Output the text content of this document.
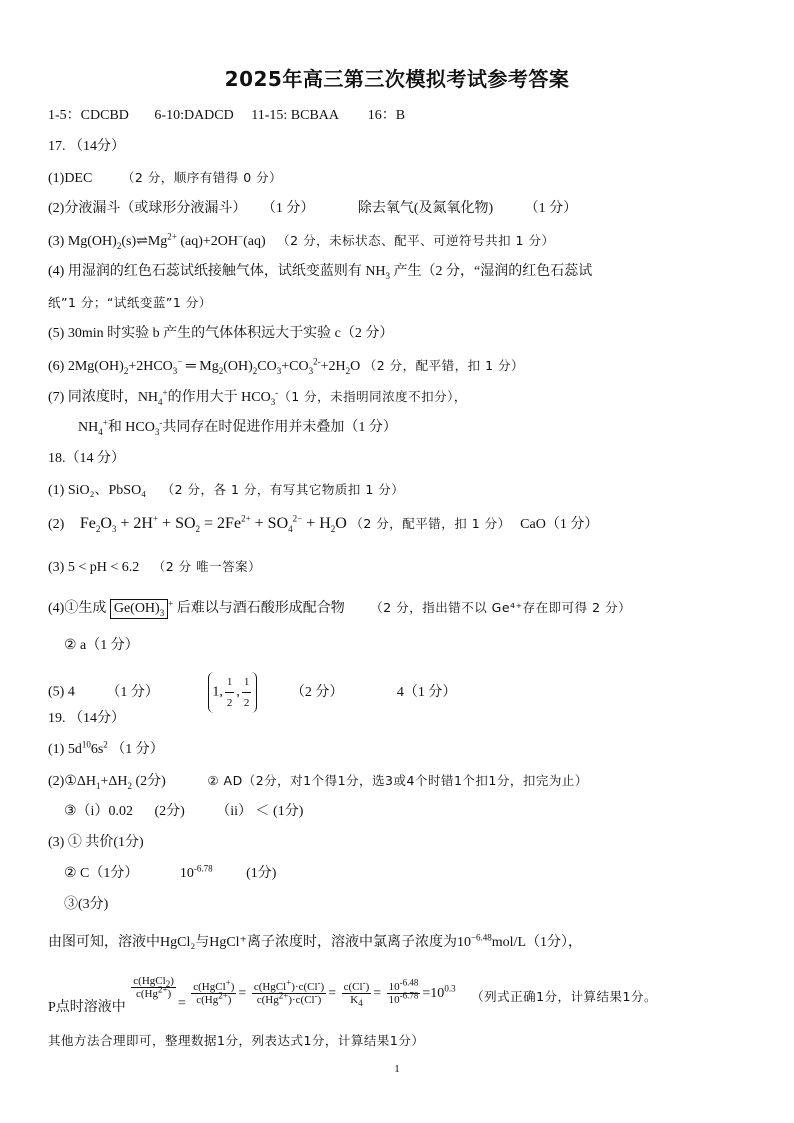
2025年高三第三次模拟考试参考答案
1-5：CDCBD 6-10:DADCD 11-15: BCBAA 16：B
17. （14分）
(1)DEC （2 分，顺序有错得 0 分）
(2)分液漏斗（或球形分液漏斗） （1 分）	除去氧气(及氮氧化物) （1 分）
(3) $Mg(OH)_2(s)\rightleftharpoons Mg^{2+}$ (aq)+2OH−(aq) （2 分，未标状态、配平、可逆符号共扣 1 分）
(4) 用湿润的红色石蕊试纸接触气体，试纸变蓝则有 $NH_3$ 产生（2 分，“湿润的红色石蕊试
纸”1 分；“试纸变蓝”1 分）
(5) 30min 时实验 b 产生的气体体积远大于实验 c（2 分）
(6) $2Mg(OH)_2+2HCO_3^-$ ═ $Mg_2(OH)_2CO_3+CO_3^{2-}+2H_2O$ （2 分，配平错，扣 1 分）
(7) 同浓度时，$NH_4^+$的作用大于 $HCO_3^-(1$ 分，未指明同浓度不扣分），
$NH_4^+$和 $HCO_3^-$共同存在时促进作用并未叠加（1 分）
18.（14 分）
(1) SiO₂、PbSO₄ （2 分，各 1 分，有写其它物质扣 1 分）
(2) $Fe_2O_3 + 2H^+ + SO_2 = 2Fe^{2+} + SO_4^{2-} + H_2O$ （2 分，配平错，扣 1 分） CaO（1 分）
(3) 5 < pH < 6.2 （2 分 唯一答案）
(4)①生成 $Ge(OH)_3^+$ 后难以与酒石酸形成配合物 （2 分，指出错不以 Ge⁴⁺存在即可得 2 分）
② a（1 分）
(5) 4 （1 分）	1, $\frac{1}{2}$ , $\frac{1}{2}$	（2 分）	4（1 分）
19. （14分）
(1) $5d^{10}6s^2$ （1 分）
$(2)①\Delta H_1+\Delta H_2$ (2分)	② AD（2分，对1个得1分，选3或4个时错1个扣1分，扣完为止）
③（i）0.02 (2分) （ii） ＜ (1分)
(3) ① 共价(1分)
② C（1分）	$10^{-6.78}$ (1分)
③(3分)
由图可知，溶液中HgCl₂与HgCl⁺离子浓度时，溶液中氯离子浓度为$10^{-6.48}mol/L(1$分），
P点时溶液中
$\frac{c(HgCl_2)}{c(Hg^{2+})}$
= $\frac{c(HgCl^+)}{c(Hg^{2+})} = \frac{c(HgCl^+)\cdot c(Cl^-)}{c(Hg^{2+})\cdot c(Cl^-)} = \frac{c(Cl^-)}{K_4} = \frac{10^{-6.48}}{10^{-6.78}} =10^{0.3}$ （列式正确1分，计算结果1分。
其他方法合理即可，整理数据1分，列表达式1分，计算结果1分）
1
